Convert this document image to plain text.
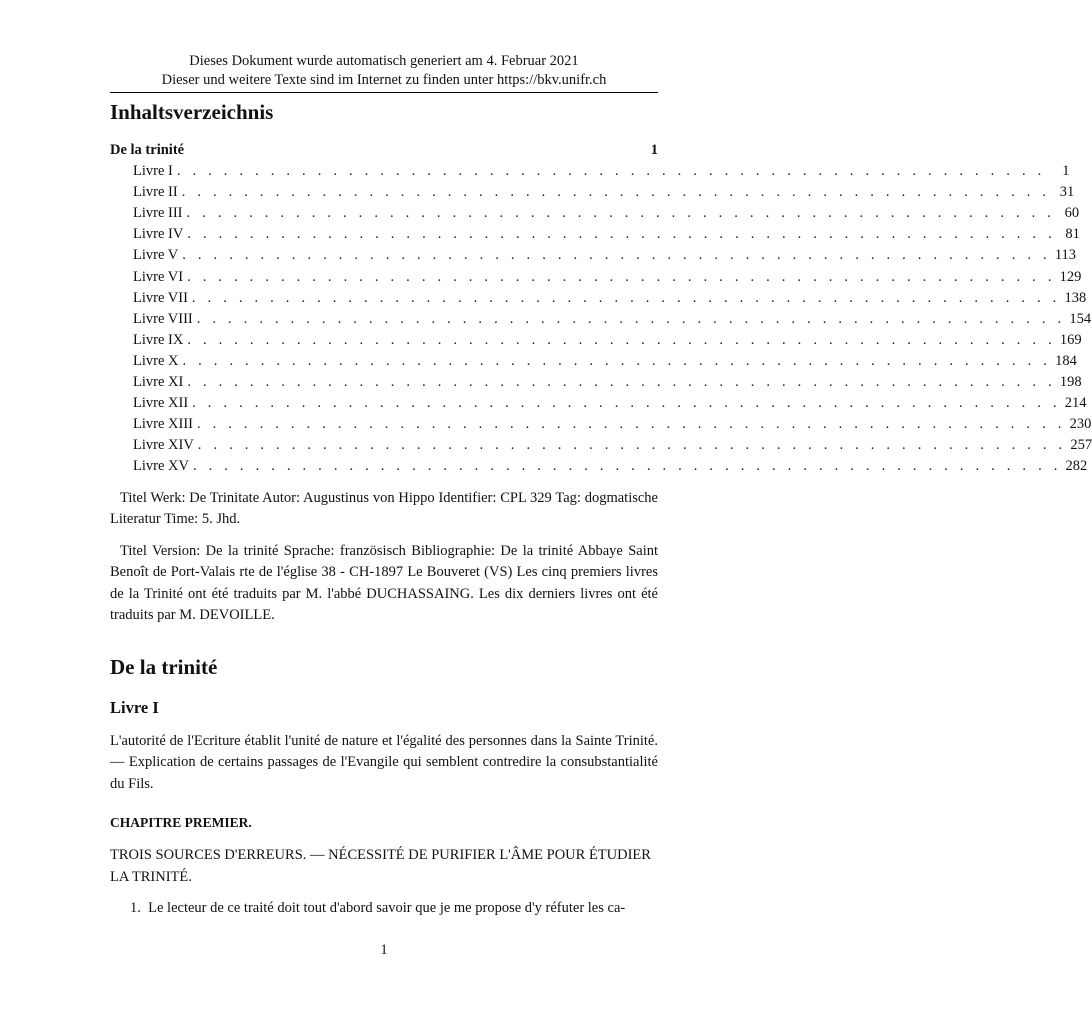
Dieses Dokument wurde automatisch generiert am 4. Februar 2021
Dieser und weitere Texte sind im Internet zu finden unter https://bkv.unifr.ch
Inhaltsverzeichnis
De la trinité	1
Livre I . . . . . . . . . . . . . . . . . . . . . . . . . . . . . . . . . . . . . . . . . . . . . . . . . . . . . . . .	1
Livre II . . . . . . . . . . . . . . . . . . . . . . . . . . . . . . . . . . . . . . . . . . . . . . . . . . . . . . . . 31
Livre III . . . . . . . . . . . . . . . . . . . . . . . . . . . . . . . . . . . . . . . . . . . . . . . . . . . . . . . . 60
Livre IV . . . . . . . . . . . . . . . . . . . . . . . . . . . . . . . . . . . . . . . . . . . . . . . . . . . . . . . . 81
Livre V . . . . . . . . . . . . . . . . . . . . . . . . . . . . . . . . . . . . . . . . . . . . . . . . . . . . . . . . 113
Livre VI . . . . . . . . . . . . . . . . . . . . . . . . . . . . . . . . . . . . . . . . . . . . . . . . . . . . . . . . 129
Livre VII . . . . . . . . . . . . . . . . . . . . . . . . . . . . . . . . . . . . . . . . . . . . . . . . . . . . . . . . 138
Livre VIII . . . . . . . . . . . . . . . . . . . . . . . . . . . . . . . . . . . . . . . . . . . . . . . . . . . . . . . . 154
Livre IX . . . . . . . . . . . . . . . . . . . . . . . . . . . . . . . . . . . . . . . . . . . . . . . . . . . . . . . . 169
Livre X . . . . . . . . . . . . . . . . . . . . . . . . . . . . . . . . . . . . . . . . . . . . . . . . . . . . . . . . 184
Livre XI . . . . . . . . . . . . . . . . . . . . . . . . . . . . . . . . . . . . . . . . . . . . . . . . . . . . . . . . 198
Livre XII . . . . . . . . . . . . . . . . . . . . . . . . . . . . . . . . . . . . . . . . . . . . . . . . . . . . . . . . 214
Livre XIII . . . . . . . . . . . . . . . . . . . . . . . . . . . . . . . . . . . . . . . . . . . . . . . . . . . . . . . . 230
Livre XIV . . . . . . . . . . . . . . . . . . . . . . . . . . . . . . . . . . . . . . . . . . . . . . . . . . . . . . . . 257
Livre XV . . . . . . . . . . . . . . . . . . . . . . . . . . . . . . . . . . . . . . . . . . . . . . . . . . . . . . . . 282

Titel Werk: De Trinitate Autor: Augustinus von Hippo Identifier: CPL 329 Tag: dogmatische Literatur Time: 5. Jhd.

Titel Version: De la trinité Sprache: französisch Bibliographie: De la trinité Abbaye Saint Benoît de Port-Valais rte de l'église 38 - CH-1897 Le Bouveret (VS) Les cinq premiers livres de la Trinité ont été traduits par M. l'abbé DUCHASSAING. Les dix derniers livres ont été traduits par M. DEVOILLE.

De la trinité
Livre I

L'autorité de l'Ecriture établit l'unité de nature et l'égalité des personnes dans la Sainte Trinité. — Explication de certains passages de l'Evangile qui semblent contredire la consubstantialité du Fils.

CHAPITRE PREMIER.

TROIS SOURCES D'ERREURS. — NÉCESSITÉ DE PURIFIER L'ÂME POUR ÉTUDIER LA TRINITÉ.

1. Le lecteur de ce traité doit tout d'abord savoir que je me propose d'y réfuter les ca-

1
